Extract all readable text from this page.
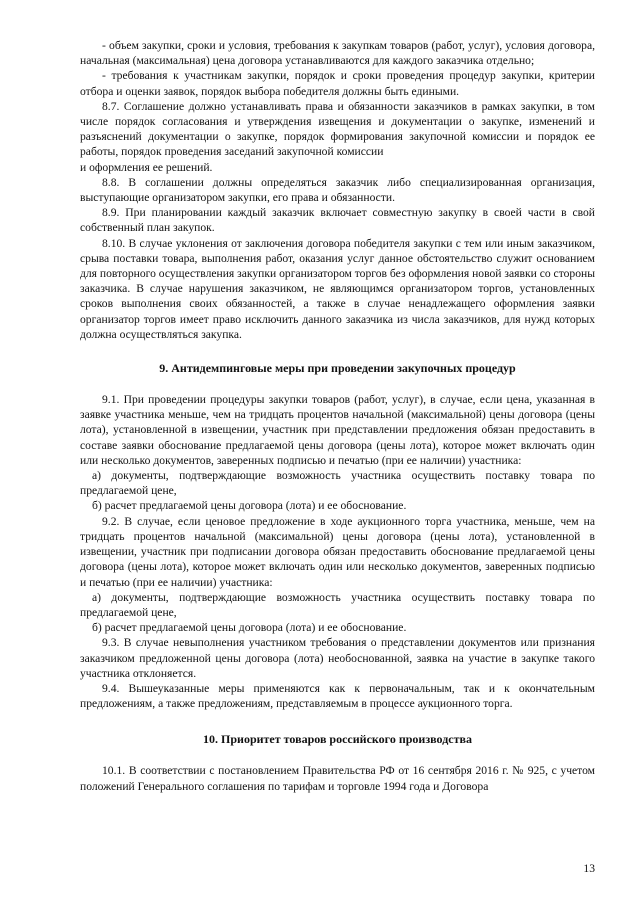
- объем закупки, сроки и условия, требования к закупкам товаров (работ, услуг), условия договора, начальная (максимальная) цена договора устанавливаются для каждого заказчика отдельно;

- требования к участникам закупки, порядок и сроки проведения процедур закупки, критерии отбора и оценки заявок, порядок выбора победителя должны быть едиными.

8.7. Соглашение должно устанавливать права и обязанности заказчиков в рамках закупки, в том числе порядок согласования и утверждения извещения и документации о закупке, изменений и разъяснений документации о закупке, порядок формирования закупочной комиссии и порядок ее работы, порядок проведения заседаний закупочной комиссии

и оформления ее решений.

8.8. В соглашении должны определяться заказчик либо специализированная организация, выступающие организатором закупки, его права и обязанности.

8.9. При планировании каждый заказчик включает совместную закупку в своей части в свой собственный план закупок.

8.10. В случае уклонения от заключения договора победителя закупки с тем или иным заказчиком, срыва поставки товара, выполнения работ, оказания услуг данное обстоятельство служит основанием для повторного осуществления закупки организатором торгов без оформления новой заявки со стороны заказчика. В случае нарушения заказчиком, не являющимся организатором торгов, установленных сроков выполнения своих обязанностей, а также в случае ненадлежащего оформления заявки организатор торгов имеет право исключить данного заказчика из числа заказчиков, для нужд которых должна осуществляться закупка.

9. Антидемпинговые меры при проведении закупочных процедур

9.1. При проведении процедуры закупки товаров (работ, услуг), в случае, если цена, указанная в заявке участника меньше, чем на тридцать процентов начальной (максимальной) цены договора (цены лота), установленной в извещении, участник при представлении предложения обязан предоставить в составе заявки обоснование предлагаемой цены договора (цены лота), которое может включать один или несколько документов, заверенных подписью и печатью (при ее наличии) участника:

а) документы, подтверждающие возможность участника осуществить поставку товара по предлагаемой цене,

б) расчет предлагаемой цены договора (лота) и ее обоснование.

9.2. В случае, если ценовое предложение в ходе аукционного торга участника, меньше, чем на тридцать процентов начальной (максимальной) цены договора (цены лота), установленной в извещении, участник при подписании договора обязан предоставить обоснование предлагаемой цены договора (цены лота), которое может включать один или несколько документов, заверенных подписью и печатью (при ее наличии) участника:

а) документы, подтверждающие возможность участника осуществить поставку товара по предлагаемой цене,

б) расчет предлагаемой цены договора (лота) и ее обоснование.

9.3. В случае невыполнения участником требования о представлении документов или признания заказчиком предложенной цены договора (лота) необоснованной, заявка на участие в закупке такого участника отклоняется.

9.4. Вышеуказанные меры применяются как к первоначальным, так и к окончательным предложениям, а также предложениям, представляемым в процессе аукционного торга.

10. Приоритет товаров российского производства

10.1. В соответствии с постановлением Правительства РФ от 16 сентября 2016 г. № 925, с учетом положений Генерального соглашения по тарифам и торговле 1994 года и Договора

13
